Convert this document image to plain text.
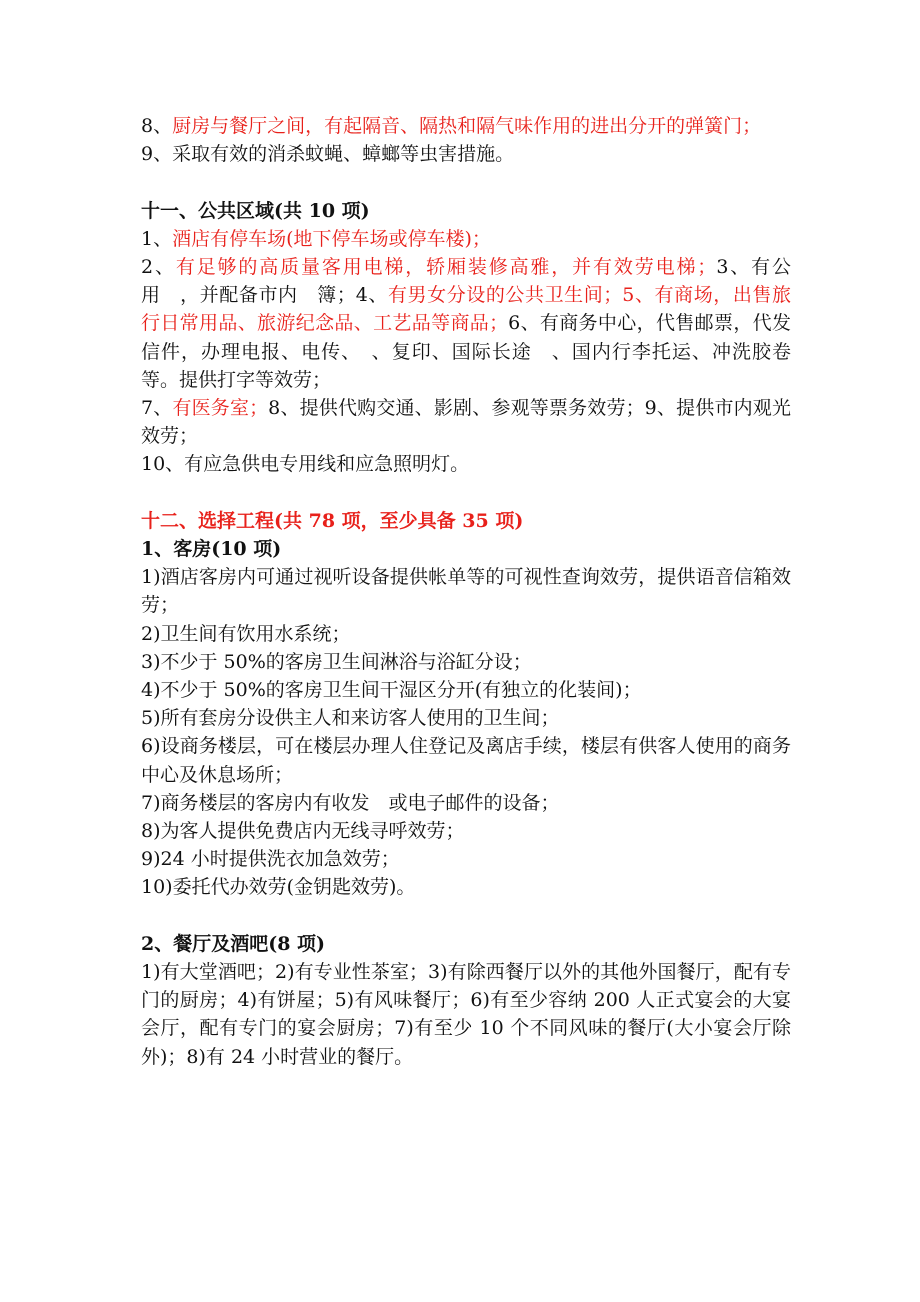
8、厨房与餐厅之间，有起隔音、隔热和隔气味作用的进出分开的弹簧门；

9、采取有效的消杀蚊蝇、蟑螂等虫害措施。

十一、公共区域(共 10 项)

1、酒店有停车场(地下停车场或停车楼)；

2、有足够的高质量客用电梯，轿厢装修高雅，并有效劳电梯；3、有公用　，并配备市内　簿；4、有男女分设的公共卫生间；5、有商场，出售旅行日常用品、旅游纪念品、工艺品等商品；6、有商务中心，代售邮票，代发信件，办理电报、电传、　、复印、国际长途　、国内行李托运、冲洗胶卷等。提供打字等效劳；

7、有医务室；8、提供代购交通、影剧、参观等票务效劳；9、提供市内观光效劳；

10、有应急供电专用线和应急照明灯。

十二、选择工程(共 78 项，至少具备 35 项)

1、客房(10 项)

1)酒店客房内可通过视听设备提供帐单等的可视性查询效劳，提供语音信箱效劳；

2)卫生间有饮用水系统；

3)不少于 50%的客房卫生间淋浴与浴缸分设；

4)不少于 50%的客房卫生间干湿区分开(有独立的化装间)；

5)所有套房分设供主人和来访客人使用的卫生间；

6)设商务楼层，可在楼层办理人住登记及离店手续，楼层有供客人使用的商务中心及休息场所；

7)商务楼层的客房内有收发　或电子邮件的设备；

8)为客人提供免费店内无线寻呼效劳；

9)24 小时提供洗衣加急效劳；

10)委托代办效劳(金钥匙效劳)。

2、餐厅及酒吧(8 项)

1)有大堂酒吧；2)有专业性茶室；3)有除西餐厅以外的其他外国餐厅，配有专门的厨房；4)有饼屋；5)有风味餐厅；6)有至少容纳 200 人正式宴会的大宴会厅，配有专门的宴会厨房；7)有至少 10 个不同风味的餐厅(大小宴会厅除外)；8)有 24 小时营业的餐厅。
